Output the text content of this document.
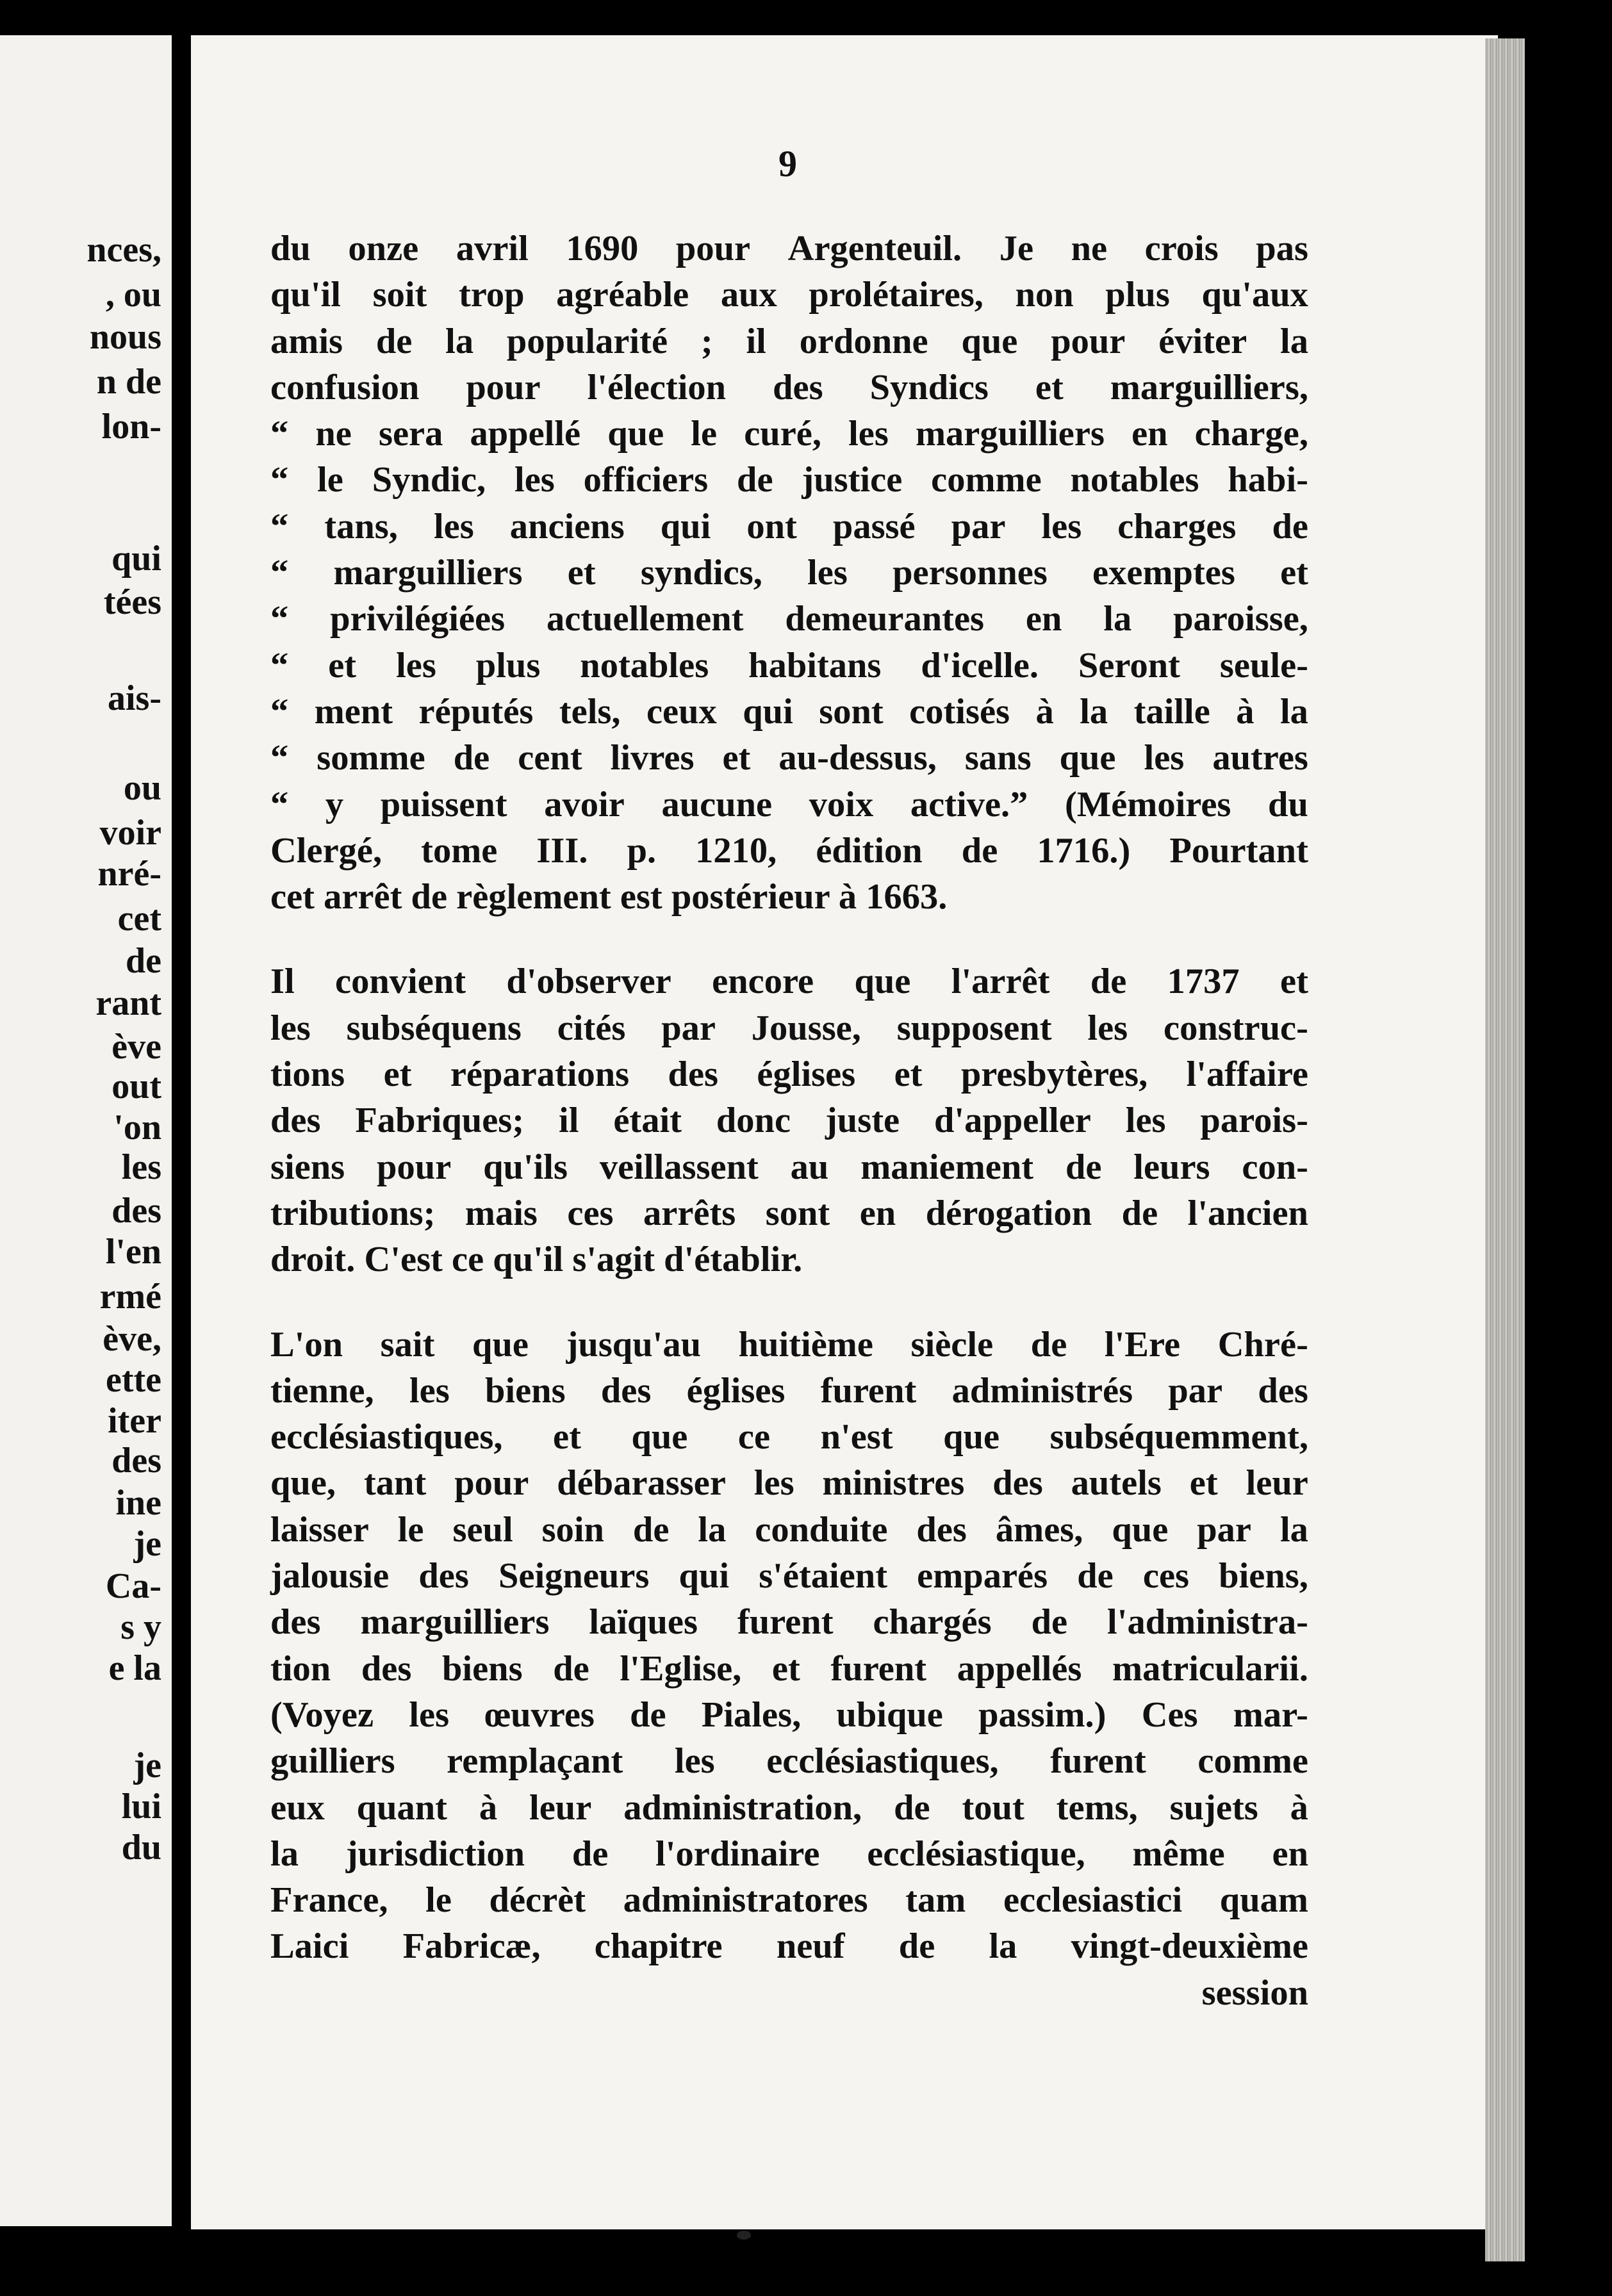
nces,
, ou
nous
n de
lon-
qui
tées
ais-
ou
voir
nré-
cet
de
rant
ève
out
'on
les
des
l'en
rmé
ève,
ette
iter
des
ine
je
Ca-
s y
e la
je
lui
du
9
du onze avril 1690 pour Argenteuil. Je ne crois pas
qu'il soit trop agréable aux prolétaires, non plus qu'aux
amis de la popularité ; il ordonne que pour éviter la
confusion pour l'élection des Syndics et marguilliers,
“ ne sera appellé que le curé, les marguilliers en charge,
“ le Syndic, les officiers de justice comme notables habi-
“ tans, les anciens qui ont passé par les charges de
“ marguilliers et syndics, les personnes exemptes et
“ privilégiées actuellement demeurantes en la paroisse,
“ et les plus notables habitans d'icelle. Seront seule-
“ ment réputés tels, ceux qui sont cotisés à la taille à la
“ somme de cent livres et au-dessus, sans que les autres
“ y puissent avoir aucune voix active.” (Mémoires du
Clergé, tome III. p. 1210, édition de 1716.) Pourtant
cet arrêt de règlement est postérieur à 1663.
Il convient d'observer encore que l'arrêt de 1737 et
les subséquens cités par Jousse, supposent les construc-
tions et réparations des églises et presbytères, l'affaire
des Fabriques; il était donc juste d'appeller les parois-
siens pour qu'ils veillassent au maniement de leurs con-
tributions; mais ces arrêts sont en dérogation de l'ancien
droit. C'est ce qu'il s'agit d'établir.
L'on sait que jusqu'au huitième siècle de l'Ere Chré-
tienne, les biens des églises furent administrés par des
ecclésiastiques, et que ce n'est que subséquemment,
que, tant pour débarasser les ministres des autels et leur
laisser le seul soin de la conduite des âmes, que par la
jalousie des Seigneurs qui s'étaient emparés de ces biens,
des marguilliers laïques furent chargés de l'administra-
tion des biens de l'Eglise, et furent appellés matricularii.
(Voyez les œuvres de Piales, ubique passim.) Ces mar-
guilliers remplaçant les ecclésiastiques, furent comme
eux quant à leur administration, de tout tems, sujets à
la jurisdiction de l'ordinaire ecclésiastique, même en
France, le décrèt administratores tam ecclesiastici quam
Laici Fabricæ, chapitre neuf de la vingt-deuxième
session
